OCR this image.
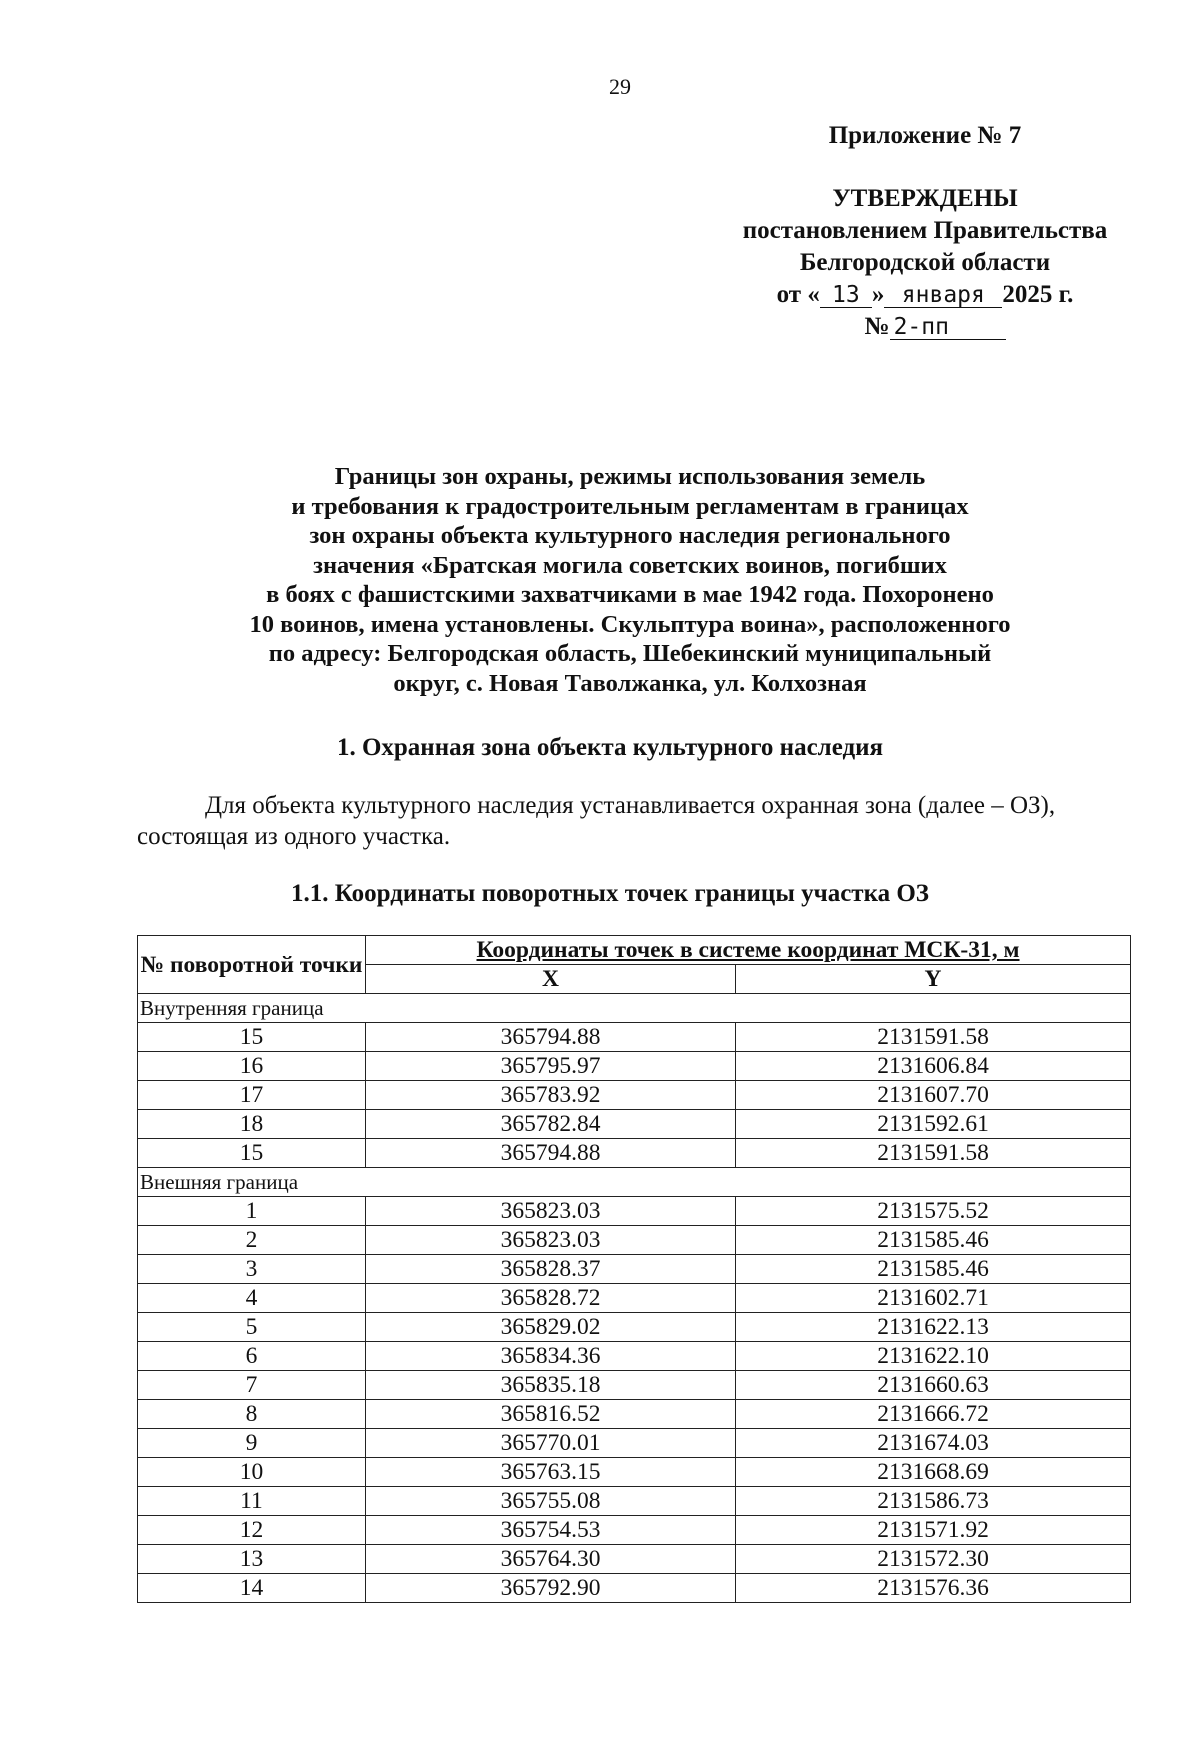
29
Приложение № 7
УТВЕРЖДЕНЫ
постановлением Правительства
Белгородской области
от « 13 » января 2025 г.
№ 2-пп
Границы зон охраны, режимы использования земель
и требования к градостроительным регламентам в границах
зон охраны объекта культурного наследия регионального
значения «Братская могила советских воинов, погибших
в боях с фашистскими захватчиками в мае 1942 года. Похоронено
10 воинов, имена установлены. Скульптура воина», расположенного
по адресу: Белгородская область, Шебекинский муниципальный
округ, с. Новая Таволжанка, ул. Колхозная
1. Охранная зона объекта культурного наследия
Для объекта культурного наследия устанавливается охранная зона (далее – ОЗ), состоящая из одного участка.
1.1. Координаты поворотных точек границы участка ОЗ
№ поворотной точки	Координаты точек в системе координат МСК-31, м	
	X	Y
Внутренняя граница		
15	365794.88	2131591.58
16	365795.97	2131606.84
17	365783.92	2131607.70
18	365782.84	2131592.61
15	365794.88	2131591.58
Внешняя граница		
1	365823.03	2131575.52
2	365823.03	2131585.46
3	365828.37	2131585.46
4	365828.72	2131602.71
5	365829.02	2131622.13
6	365834.36	2131622.10
7	365835.18	2131660.63
8	365816.52	2131666.72
9	365770.01	2131674.03
10	365763.15	2131668.69
11	365755.08	2131586.73
12	365754.53	2131571.92
13	365764.30	2131572.30
14	365792.90	2131576.36
